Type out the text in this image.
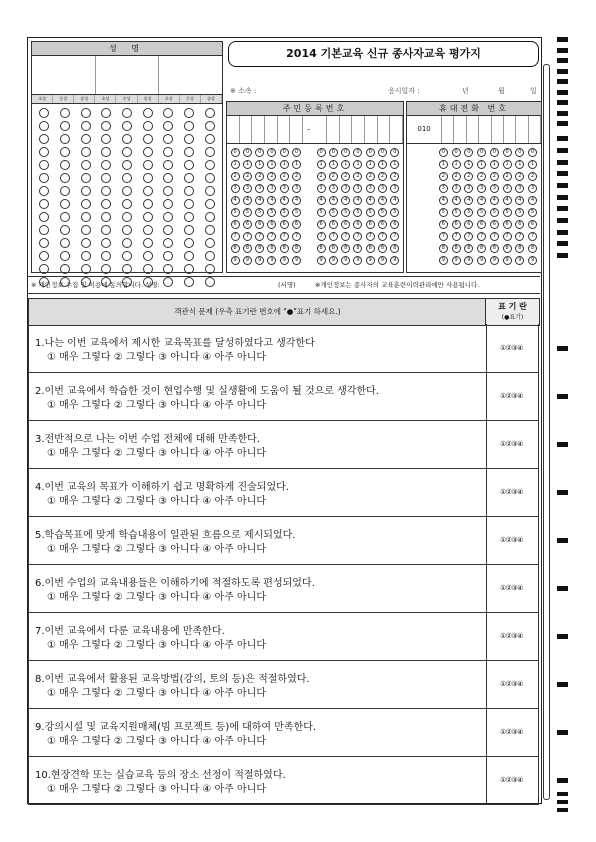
성 명
초성	중성	종성	초성	중성	종성	초성	중성	종성
2014 기본교육 신규 종사자교육 평가지
※ 소속 :	응시일자 :	년	월	일
주민등록번호
–
0
1
2
3
4
5
6
7
8
9
0
1
2
3
4
5
6
7
8
9
0
1
2
3
4
5
6
7
8
9
0
1
2
3
4
5
6
7
8
9
0
1
2
3
4
5
6
7
8
9
0
1
2
3
4
5
6
7
8
9
0
1
2
3
4
5
6
7
8
9
0
1
2
3
4
5
6
7
8
9
0
1
2
3
4
5
6
7
8
9
0
1
2
3
4
5
6
7
8
9
0
1
2
3
4
5
6
7
8
9
0
1
2
3
4
5
6
7
8
9
0
1
2
3
4
5
6
7
8
9
휴대전화 번호
010
0
1
2
3
4
5
6
7
8
9
0
1
2
3
4
5
6
7
8
9
0
1
2
3
4
5
6
7
8
9
0
1
2
3
4
5
6
7
8
9
0
1
2
3
4
5
6
7
8
9
0
1
2
3
4
5
6
7
8
9
0
1
2
3
4
5
6
7
8
9
0
1
2
3
4
5
6
7
8
9
※ 개인정보 수집 및 이용에 동의합니다. 성명:	(서명)	※개인정보는 종사자의 교육훈련이력관리에만 사용됩니다.
객관식 문제 (우측 표기란 번호에 "●"표기 하세요.)
표 기 란
(●표기)
1.나는 이번 교육에서 제시한 교육목표를 달성하였다고 생각한다
① 매우 그렇다 ② 그렇다 ③ 아니다 ④ 아주 아니다
①②③④
2.이번 교육에서 학습한 것이 현업수행 및 실생활에 도움이 될 것으로 생각한다.
① 매우 그렇다 ② 그렇다 ③ 아니다 ④ 아주 아니다
①②③④
3.전반적으로 나는 이번 수업 전체에 대해 만족한다.
① 매우 그렇다 ② 그렇다 ③ 아니다 ④ 아주 아니다
①②③④
4.이번 교육의 목표가 이해하기 쉽고 명확하게 진술되었다.
① 매우 그렇다 ② 그렇다 ③ 아니다 ④ 아주 아니다
①②③④
5.학습목표에 맞게 학습내용이 일관된 흐름으로 제시되었다.
① 매우 그렇다 ② 그렇다 ③ 아니다 ④ 아주 아니다
①②③④
6.이번 수업의 교육내용들은 이해하기에 적절하도록 편성되었다.
① 매우 그렇다 ② 그렇다 ③ 아니다 ④ 아주 아니다
①②③④
7.이번 교육에서 다룬 교육내용에 만족한다.
① 매우 그렇다 ② 그렇다 ③ 아니다 ④ 아주 아니다
①②③④
8.이번 교육에서 활용된 교육방법(강의, 토의 등)은 적절하였다.
① 매우 그렇다 ② 그렇다 ③ 아니다 ④ 아주 아니다
①②③④
9.강의시설 및 교육지원매체(빔 프로젝트 등)에 대하여 만족한다.
① 매우 그렇다 ② 그렇다 ③ 아니다 ④ 아주 아니다
①②③④
10.현장견학 또는 실습교육 등의 장소 선정이 적절하였다.
① 매우 그렇다 ② 그렇다 ③ 아니다 ④ 아주 아니다
①②③④
